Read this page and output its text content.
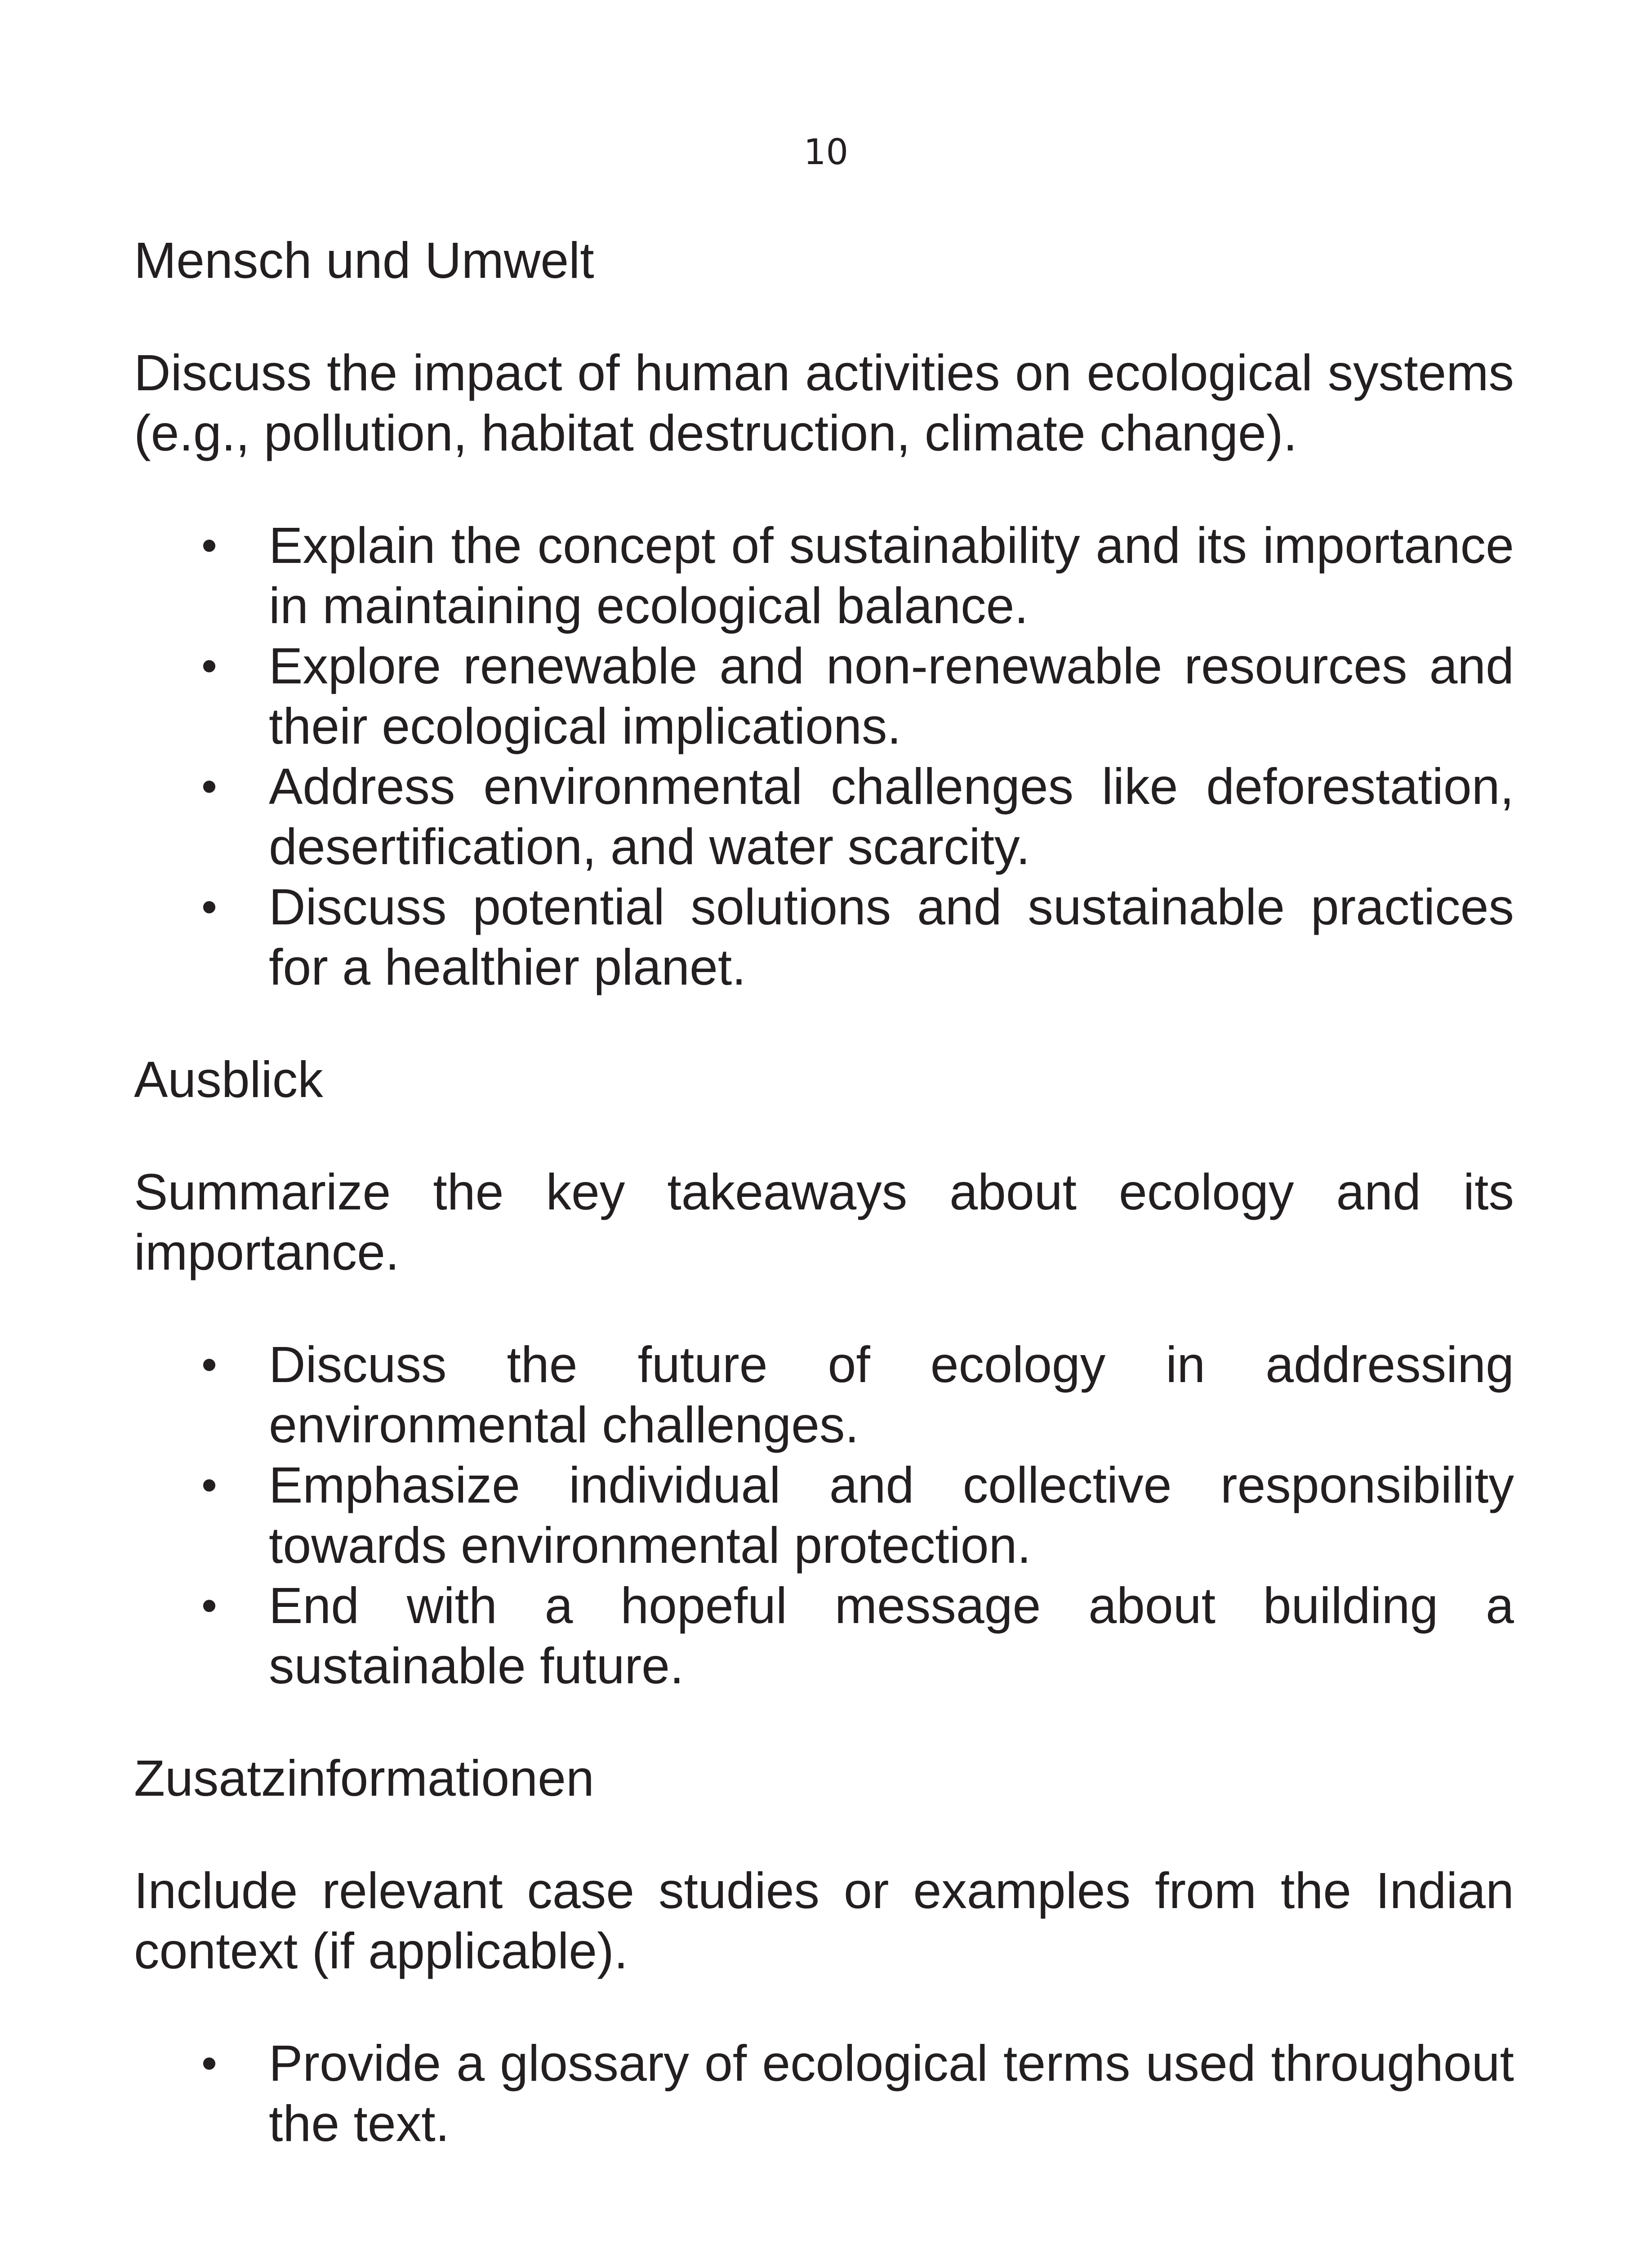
10
Mensch und Umwelt

Discuss the impact of human activities on ecological systems (e.g., pollution, habitat destruction, climate change).

•	Explain the concept of sustainability and its importance in maintaining ecological balance.
•	Explore renewable and non-renewable resources and their ecological implications.
•	Address environmental challenges like deforestation, desertification, and water scarcity.
•	Discuss potential solutions and sustainable practices for a healthier planet.
Ausblick

Summarize the key takeaways about ecology and its importance.

•	Discuss the future of ecology in addressing environmental challenges.
•	Emphasize individual and collective responsibility towards environmental protection.
•	End with a hopeful message about building a sustainable future.
Zusatzinformationen

Include relevant case studies or examples from the Indian context (if applicable).

•	Provide a glossary of ecological terms used throughout the text.
